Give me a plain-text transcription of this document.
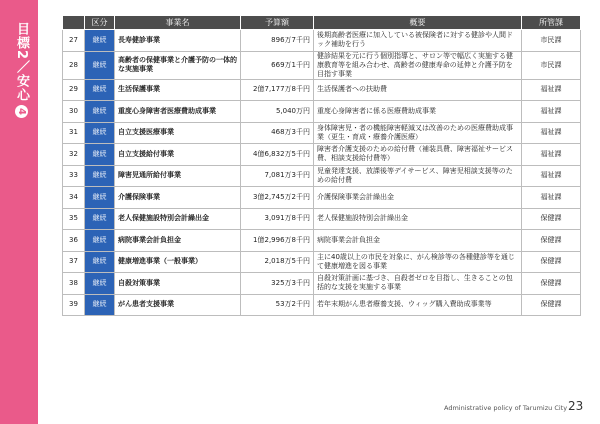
目標2／安心4
	区分	事業名	予算額	概要	所管課
27	継続	長寿健診事業	896万7千円	後期高齢者医療に加入している被保険者に対する健診や人間ドック補助を行う	市民課
28	継続	高齢者の保健事業と介護予防の一体的な実施事業	669万1千円	健診結果を元に行う個別指導と、サロン等で幅広く実施する健康教育等を組み合わせ、高齢者の健康寿命の延伸と介護予防を目指す事業	市民課
29	継続	生活保護事業	2億7,177万8千円	生活保護者への扶助費	福祉課
30	継続	重度心身障害者医療費助成事業	5,040万円	重度心身障害者に係る医療費助成事業	福祉課
31	継続	自立支援医療事業	468万3千円	身体障害児・者の機能障害軽減又は改善のための医療費助成事業（更生・育成・療養介護医療）	福祉課
32	継続	自立支援給付事業	4億6,832万5千円	障害者介護支援のための給付費（補装具費、障害福祉サービス費、相談支援給付費等）	福祉課
33	継続	障害児通所給付事業	7,081万3千円	児童発達支援、放課後等デイサービス、障害児相談支援等のための給付費	福祉課
34	継続	介護保険事業	3億2,745万2千円	介護保険事業会計繰出金	福祉課
35	継続	老人保健施設特別会計繰出金	3,091万8千円	老人保健施設特別会計繰出金	保健課
36	継続	病院事業会計負担金	1億2,996万8千円	病院事業会計負担金	保健課
37	継続	健康増進事業（一般事業）	2,018万5千円	主に40歳以上の市民を対象に、がん検診等の各種健診等を通じて健康増進を図る事業	保健課
38	継続	自殺対策事業	325万3千円	自殺対策計画に基づき、自殺者ゼロを目指し、生きることの包括的な支援を実施する事業	保健課
39	継続	がん患者支援事業	53万2千円	若年末期がん患者療養支援、ウィッグ購入費助成事業等	保健課
Administrative policy of Tarumizu City 23
